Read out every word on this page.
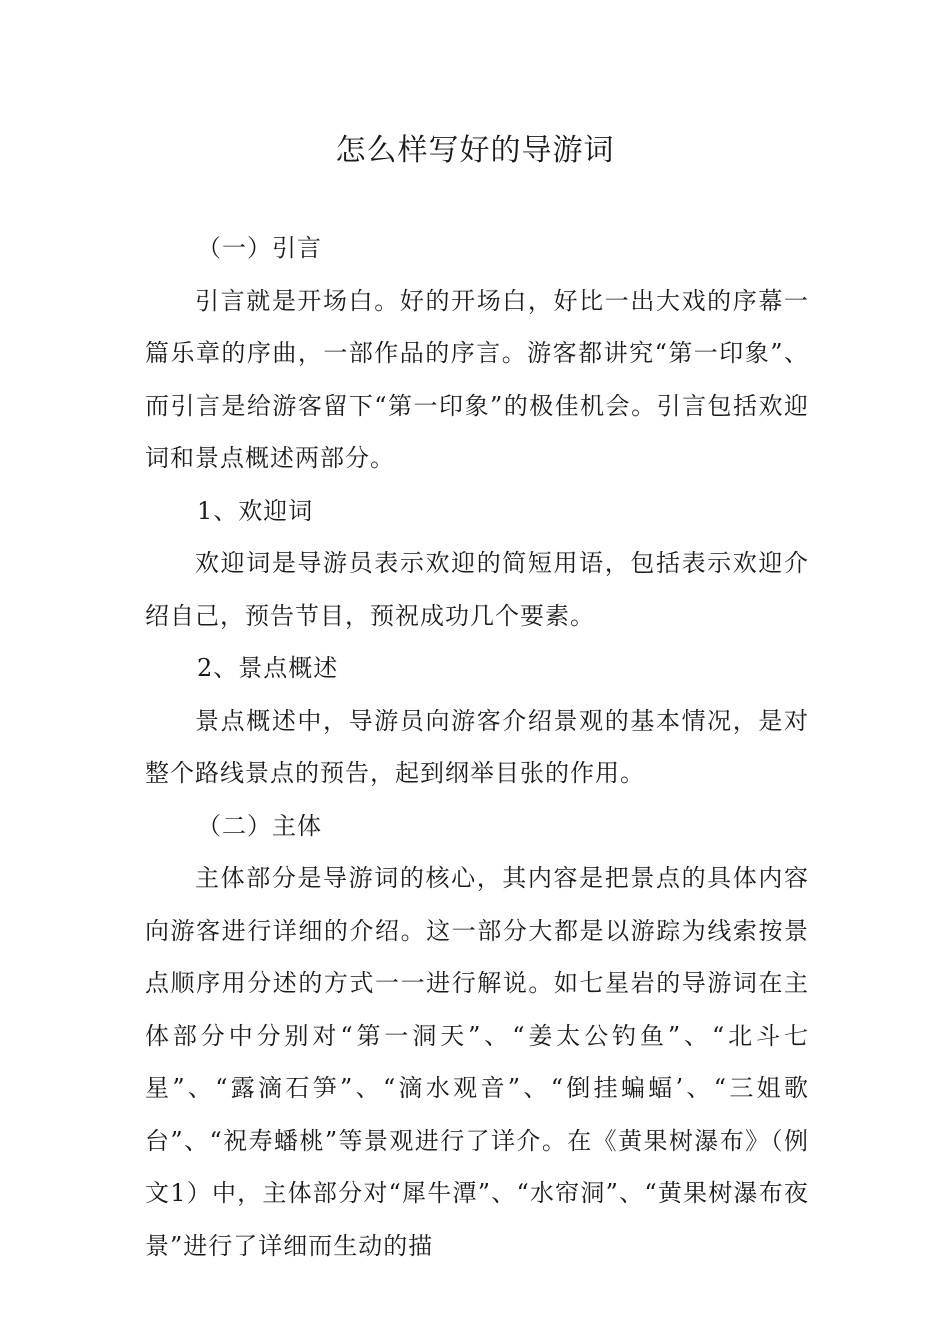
怎么样写好的导游词

（一）引言

引言就是开场白。好的开场白，好比一出大戏的序幕一篇乐章的序曲，一部作品的序言。游客都讲究“第一印象”、而引言是给游客留下“第一印象”的极佳机会。引言包括欢迎词和景点概述两部分。

1、欢迎词

欢迎词是导游员表示欢迎的简短用语，包括表示欢迎介绍自己，预告节目，预祝成功几个要素。

2、景点概述

景点概述中，导游员向游客介绍景观的基本情况，是对整个路线景点的预告，起到纲举目张的作用。

（二）主体

主体部分是导游词的核心，其内容是把景点的具体内容向游客进行详细的介绍。这一部分大都是以游踪为线索按景点顺序用分述的方式一一进行解说。如七星岩的导游词在主体部分中分别对“第一洞天”、“姜太公钓鱼”、“北斗七星”、“露滴石笋”、“滴水观音”、“倒挂蝙蝠’、“三姐歌台”、“祝寿蟠桃”等景观进行了详介。在《黄果树瀑布》（例文1）中，主体部分对“犀牛潭”、“水帘洞”、“黄果树瀑布夜景”进行了详细而生动的描
